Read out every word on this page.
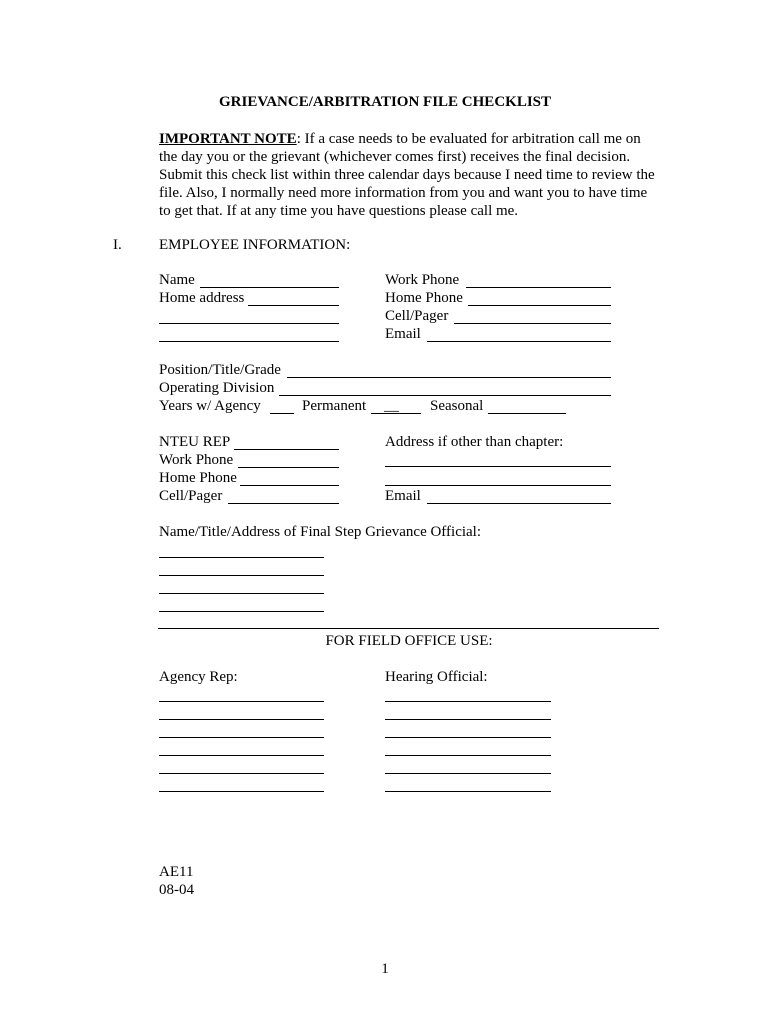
GRIEVANCE/ARBITRATION FILE CHECKLIST
IMPORTANT NOTE: If a case needs to be evaluated for arbitration call me on the day you or the grievant (whichever comes first) receives the final decision. Submit this check list within three calendar days because I need time to review the file. Also, I normally need more information from you and want you to have time to get that. If at any time you have questions please call me.
I. EMPLOYEE INFORMATION:
Name
Home address
Work Phone
Home Phone
Cell/Pager
Email
Position/Title/Grade
Operating Division
Years w/ Agency	Permanent __ Seasonal
NTEU REP
Work Phone
Home Phone
Cell/Pager
Address if other than chapter:
Email
Name/Title/Address of Final Step Grievance Official:
FOR FIELD OFFICE USE:
Agency Rep:	Hearing Official:
AE11
08-04
1
